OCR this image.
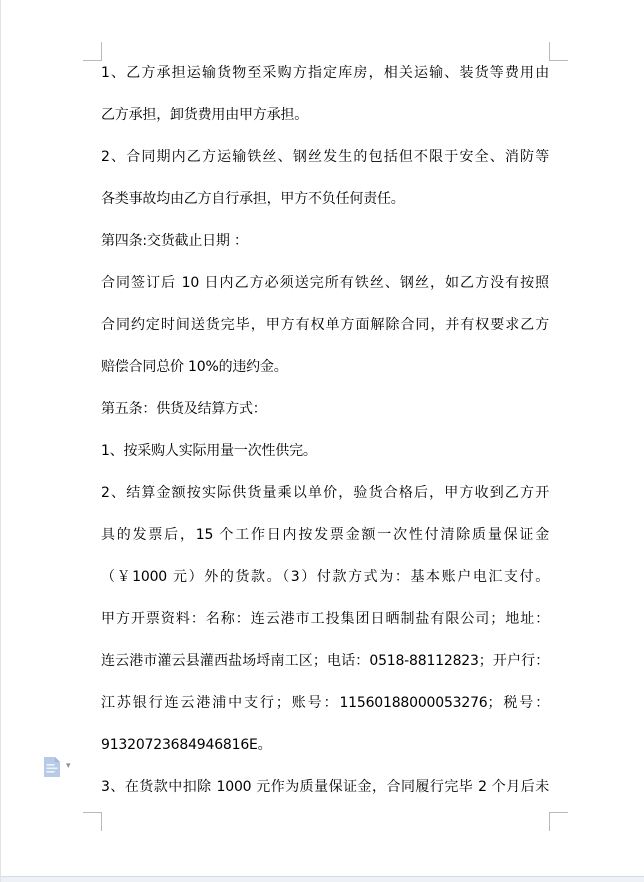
1、乙方承担运输货物至采购方指定库房，相关运输、装货等费用由
乙方承担，卸货费用由甲方承担。
2、合同期内乙方运输铁丝、钢丝发生的包括但不限于安全、消防等
各类事故均由乙方自行承担，甲方不负任何责任。
第四条:交货截止日期 ：
合同签订后 10 日内乙方必须送完所有铁丝、钢丝，如乙方没有按照
合同约定时间送货完毕，甲方有权单方面解除合同，并有权要求乙方
赔偿合同总价 10%的违约金。
第五条：供货及结算方式：
1、按采购人实际用量一次性供完。
2、结算金额按实际供货量乘以单价，验货合格后，甲方收到乙方开
具的发票后，15 个工作日内按发票金额一次性付清除质量保证金
（￥1000 元）外的货款。（3）付款方式为：基本账户电汇支付。
甲方开票资料：名称：连云港市工投集团日晒制盐有限公司；地址：
连云港市灌云县灌西盐场埒南工区；电话：0518-88112823；开户行：
江苏银行连云港浦中支行；账号：11560188000053276；税号：
91320723684946816E。
3、在货款中扣除 1000 元作为质量保证金，合同履行完毕 2 个月后未
▾
